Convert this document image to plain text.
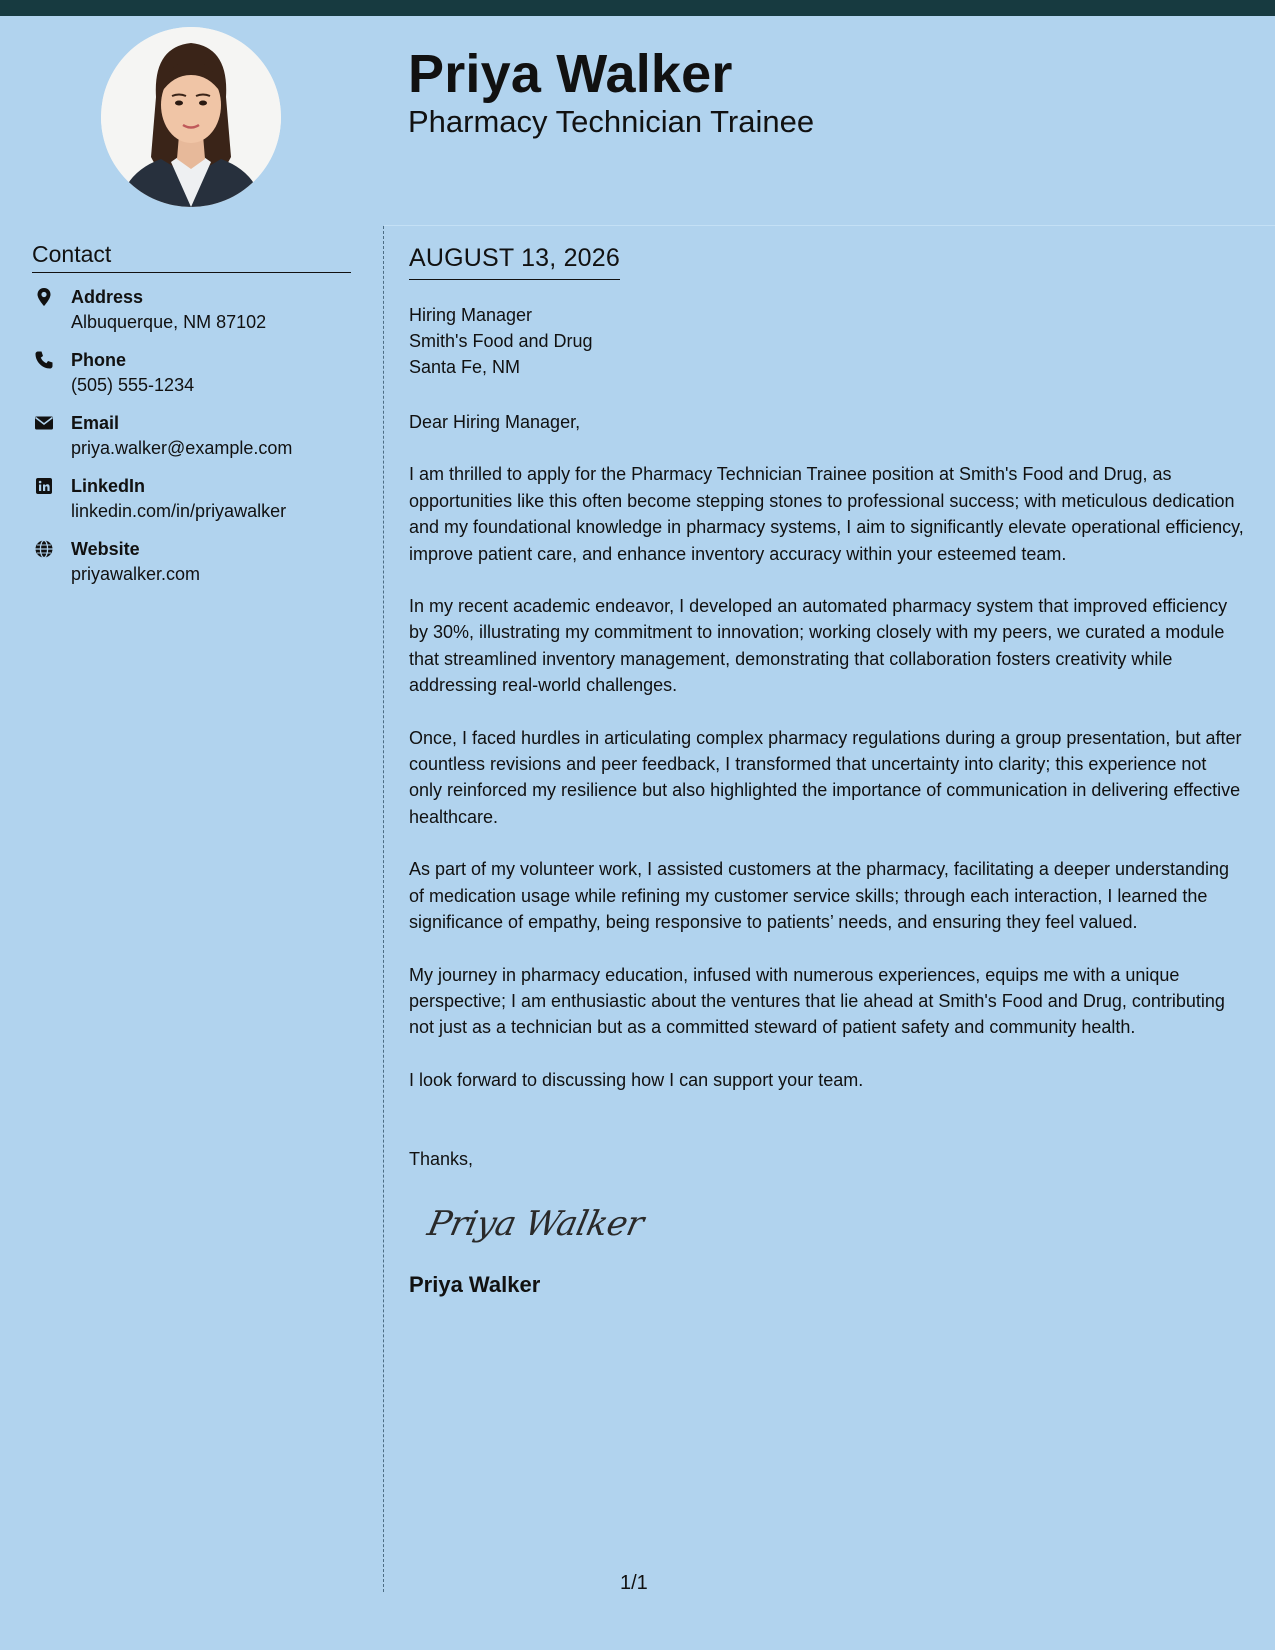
Priya Walker
Pharmacy Technician Trainee
Contact
Address
Albuquerque, NM 87102
Phone
(505) 555-1234
Email
priya.walker@example.com
LinkedIn
linkedin.com/in/priyawalker
Website
priyawalker.com
AUGUST 13, 2026
Hiring Manager
Smith's Food and Drug
Santa Fe, NM
Dear Hiring Manager,
I am thrilled to apply for the Pharmacy Technician Trainee position at Smith's Food and Drug, as opportunities like this often become stepping stones to professional success; with meticulous dedication and my foundational knowledge in pharmacy systems, I aim to significantly elevate operational efficiency, improve patient care, and enhance inventory accuracy within your esteemed team.
In my recent academic endeavor, I developed an automated pharmacy system that improved efficiency by 30%, illustrating my commitment to innovation; working closely with my peers, we curated a module that streamlined inventory management, demonstrating that collaboration fosters creativity while addressing real-world challenges.
Once, I faced hurdles in articulating complex pharmacy regulations during a group presentation, but after countless revisions and peer feedback, I transformed that uncertainty into clarity; this experience not only reinforced my resilience but also highlighted the importance of communication in delivering effective healthcare.
As part of my volunteer work, I assisted customers at the pharmacy, facilitating a deeper understanding of medication usage while refining my customer service skills; through each interaction, I learned the significance of empathy, being responsive to patients’ needs, and ensuring they feel valued.
My journey in pharmacy education, infused with numerous experiences, equips me with a unique perspective; I am enthusiastic about the ventures that lie ahead at Smith's Food and Drug, contributing not just as a technician but as a committed steward of patient safety and community health.
I look forward to discussing how I can support your team.
Thanks,
Priya Walker
Priya Walker
1/1
